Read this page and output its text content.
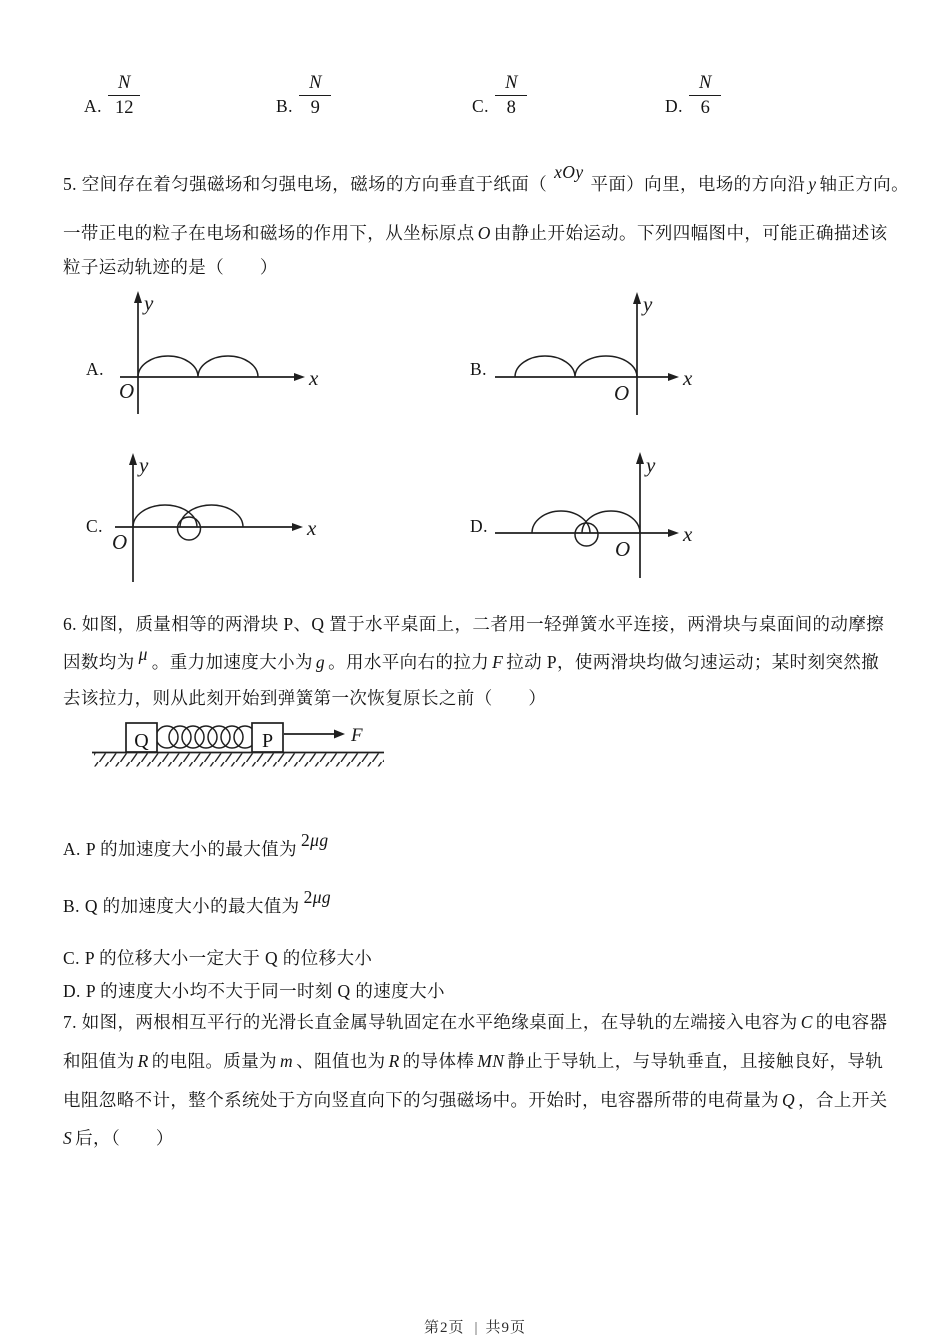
A. $\frac{N}{12}$	B. $\frac{N}{9}$	C. $\frac{N}{8}$	D. $\frac{N}{6}$
5. 空间存在着匀强磁场和匀强电场，磁场的方向垂直于纸面（xOy平面）向里，电场的方向沿 y 轴正方向。
一带正电的粒子在电场和磁场的作用下，从坐标原点 O 由静止开始运动。下列四幅图中，可能正确描述该
粒子运动轨迹的是（　　）
A.
y
x
O
B.
y
x
O
C.
y
x
O
D.
y
x
O
6. 如图，质量相等的两滑块 P、Q 置于水平桌面上，二者用一轻弹簧水平连接，两滑块与桌面间的动摩擦
因数均为 μ 。重力加速度大小为 g 。用水平向右的拉力 F 拉动 P，使两滑块均做匀速运动；某时刻突然撤
去该拉力，则从此刻开始到弹簧第一次恢复原长之前（　　）
Q	P	F
A. P 的加速度大小的最大值为 2μg
B. Q 的加速度大小的最大值为 2μg
C. P 的位移大小一定大于 Q 的位移大小
D. P 的速度大小均不大于同一时刻 Q 的速度大小
7. 如图，两根相互平行的光滑长直金属导轨固定在水平绝缘桌面上，在导轨的左端接入电容为 C 的电容器
和阻值为 R 的电阻。质量为 m 、阻值也为 R 的导体棒 MN 静止于导轨上，与导轨垂直，且接触良好，导轨
电阻忽略不计，整个系统处于方向竖直向下的匀强磁场中。开始时，电容器所带的电荷量为 Q ，合上开关
S 后，（　　）
第2页 | 共9页
